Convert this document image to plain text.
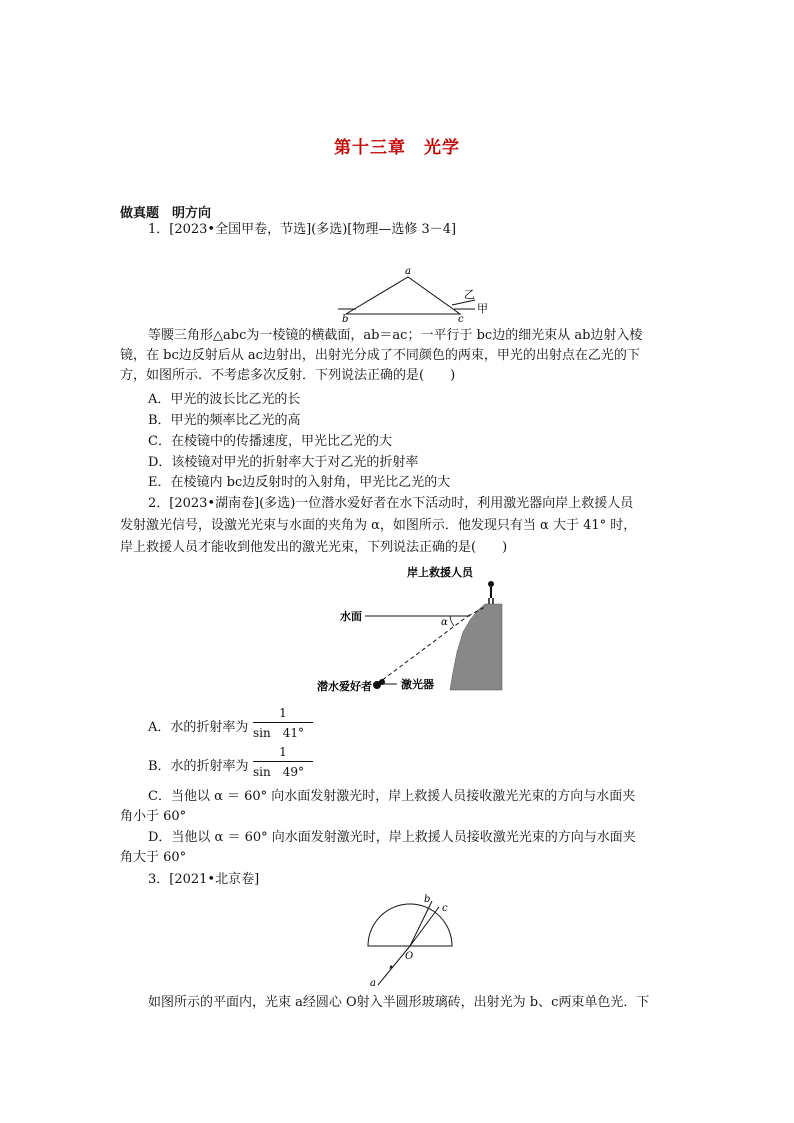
第十三章　光学
做真题　明方向
1．[2023•全国甲卷，节选](多选)[物理—选修 3－4]
a
b	c
乙
甲
等腰三角形△abc为一棱镜的横截面，ab＝ac；一平行于 bc边的细光束从 ab边射入棱
镜，在 bc边反射后从 ac边射出，出射光分成了不同颜色的两束，甲光的出射点在乙光的下
方，如图所示．不考虑多次反射．下列说法正确的是(　　)
A．甲光的波长比乙光的长
B．甲光的频率比乙光的高
C．在棱镜中的传播速度，甲光比乙光的大
D．该棱镜对甲光的折射率大于对乙光的折射率
E．在棱镜内 bc边反射时的入射角，甲光比乙光的大
2．[2023•湖南卷](多选)一位潜水爱好者在水下活动时，利用激光器向岸上救援人员
发射激光信号，设激光光束与水面的夹角为 α，如图所示．他发现只有当 α 大于 41° 时，
岸上救援人员才能收到他发出的激光光束，下列说法正确的是(　　)
岸上救援人员
水面	α
潜水爱好者	激光器
A．水的折射率为
1
sin　41°
B．水的折射率为
1
sin　49°
C．当他以 α ＝ 60° 向水面发射激光时，岸上救援人员接收激光光束的方向与水面夹
角小于 60°
D．当他以 α ＝ 60° 向水面发射激光时，岸上救援人员接收激光光束的方向与水面夹
角大于 60°
3．[2021•北京卷]
b
c
O
a
如图所示的平面内，光束 a经圆心 O射入半圆形玻璃砖，出射光为 b、c两束单色光．下
